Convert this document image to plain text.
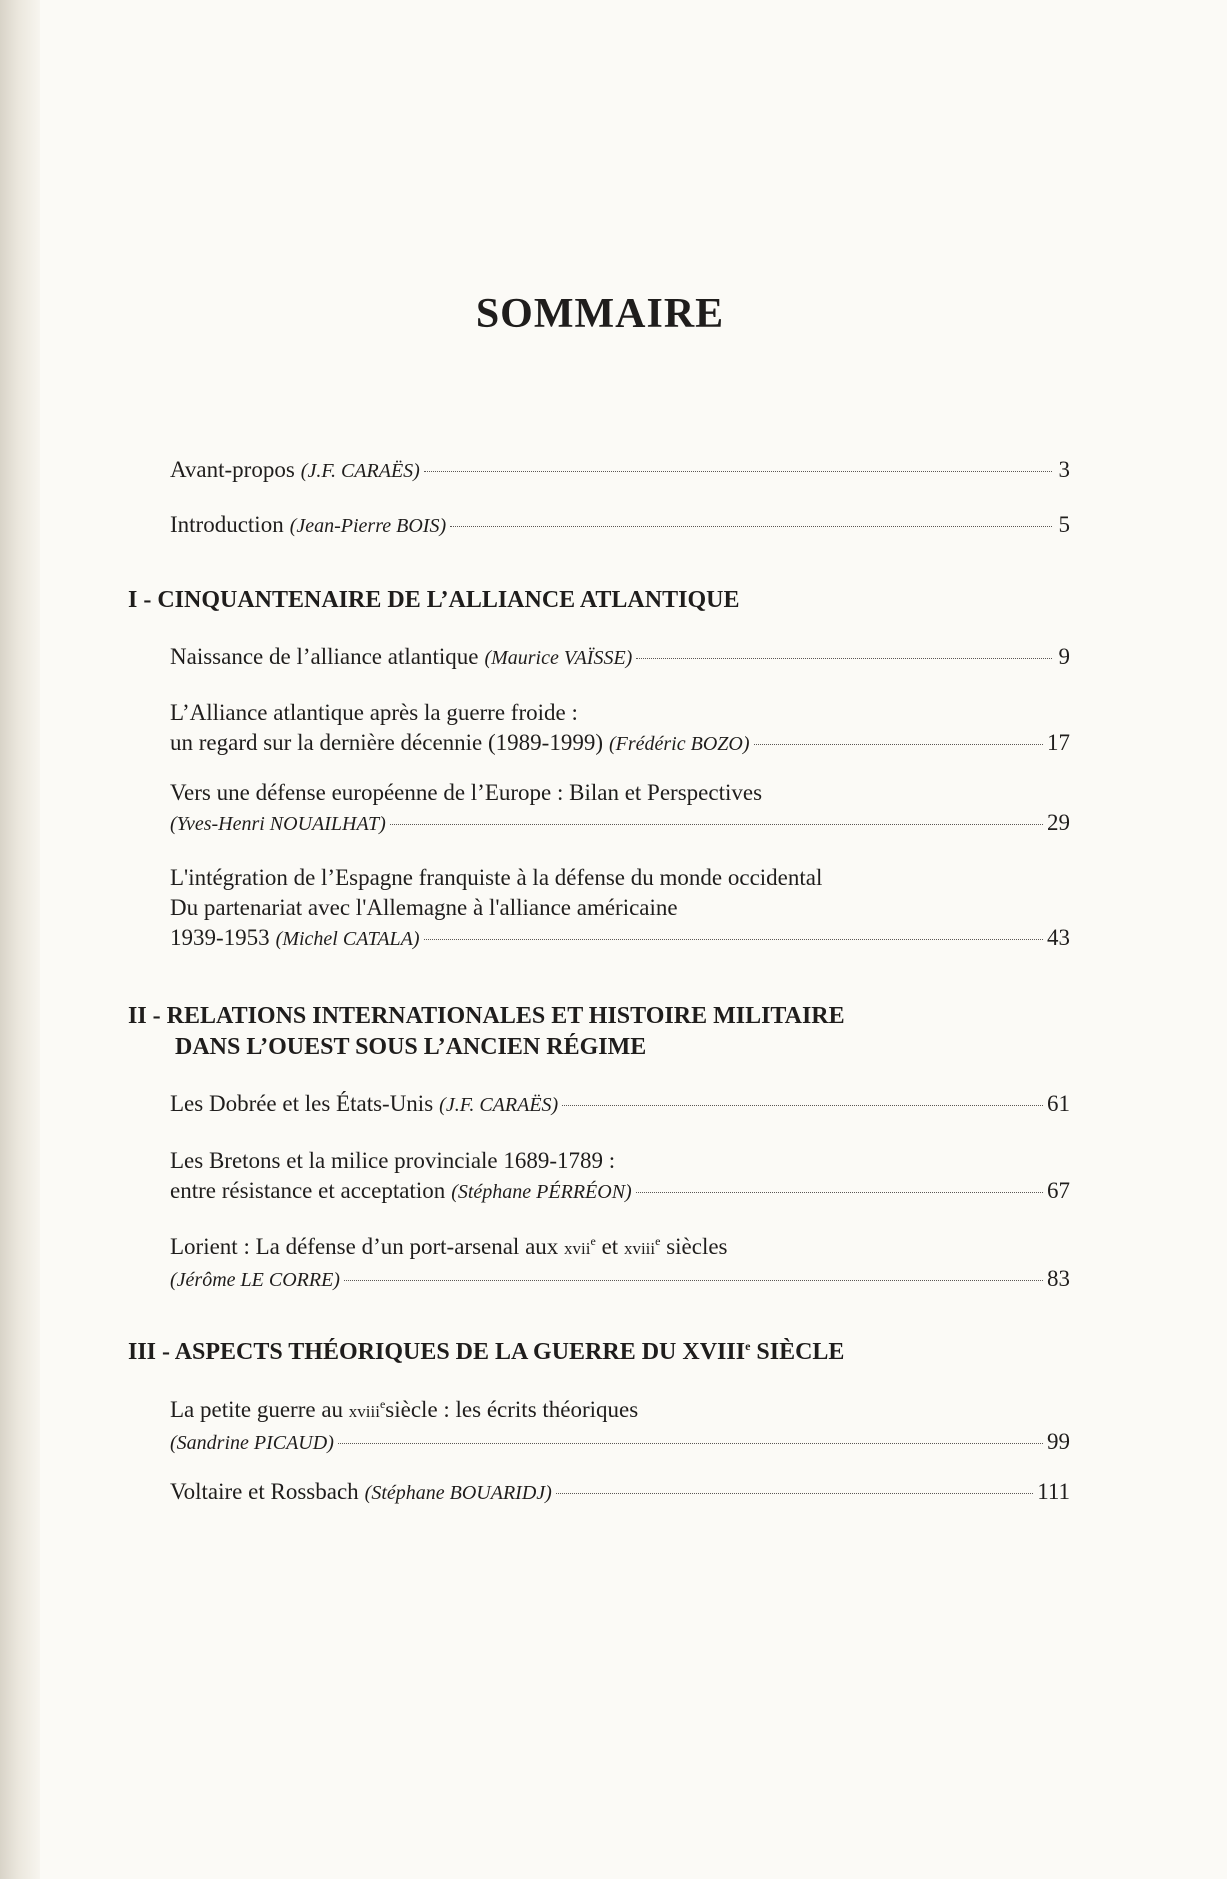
SOMMAIRE
Avant-propos (J.F. CARAËS)	3
Introduction (Jean-Pierre BOIS)	5
I - CINQUANTENAIRE DE L’ALLIANCE ATLANTIQUE
Naissance de l’alliance atlantique (Maurice VAÏSSE)	9
L’Alliance atlantique après la guerre froide :
un regard sur la dernière décennie (1989-1999) (Frédéric BOZO)	17
Vers une défense européenne de l’Europe : Bilan et Perspectives
(Yves-Henri NOUAILHAT)	29
L'intégration de l’Espagne franquiste à la défense du monde occidental
Du partenariat avec l'Allemagne à l'alliance américaine
1939-1953 (Michel CATALA)	43
II - RELATIONS INTERNATIONALES ET HISTOIRE MILITAIRE
DANS L’OUEST SOUS L’ANCIEN RÉGIME
Les Dobrée et les États-Unis (J.F. CARAËS)	61
Les Bretons et la milice provinciale 1689-1789 :
entre résistance et acceptation (Stéphane PÉRRÉON)	67
Lorient : La défense d’un port-arsenal aux xvii$^e$ et xviii$^e$ siècles
(Jérôme LE CORRE)	83
III - ASPECTS THÉORIQUES DE LA GUERRE DU XVIIIe SIÈCLE
La petite guerre au xviii$^e$siècle : les écrits théoriques
(Sandrine PICAUD)	99
Voltaire et Rossbach (Stéphane BOUARIDJ)	111
